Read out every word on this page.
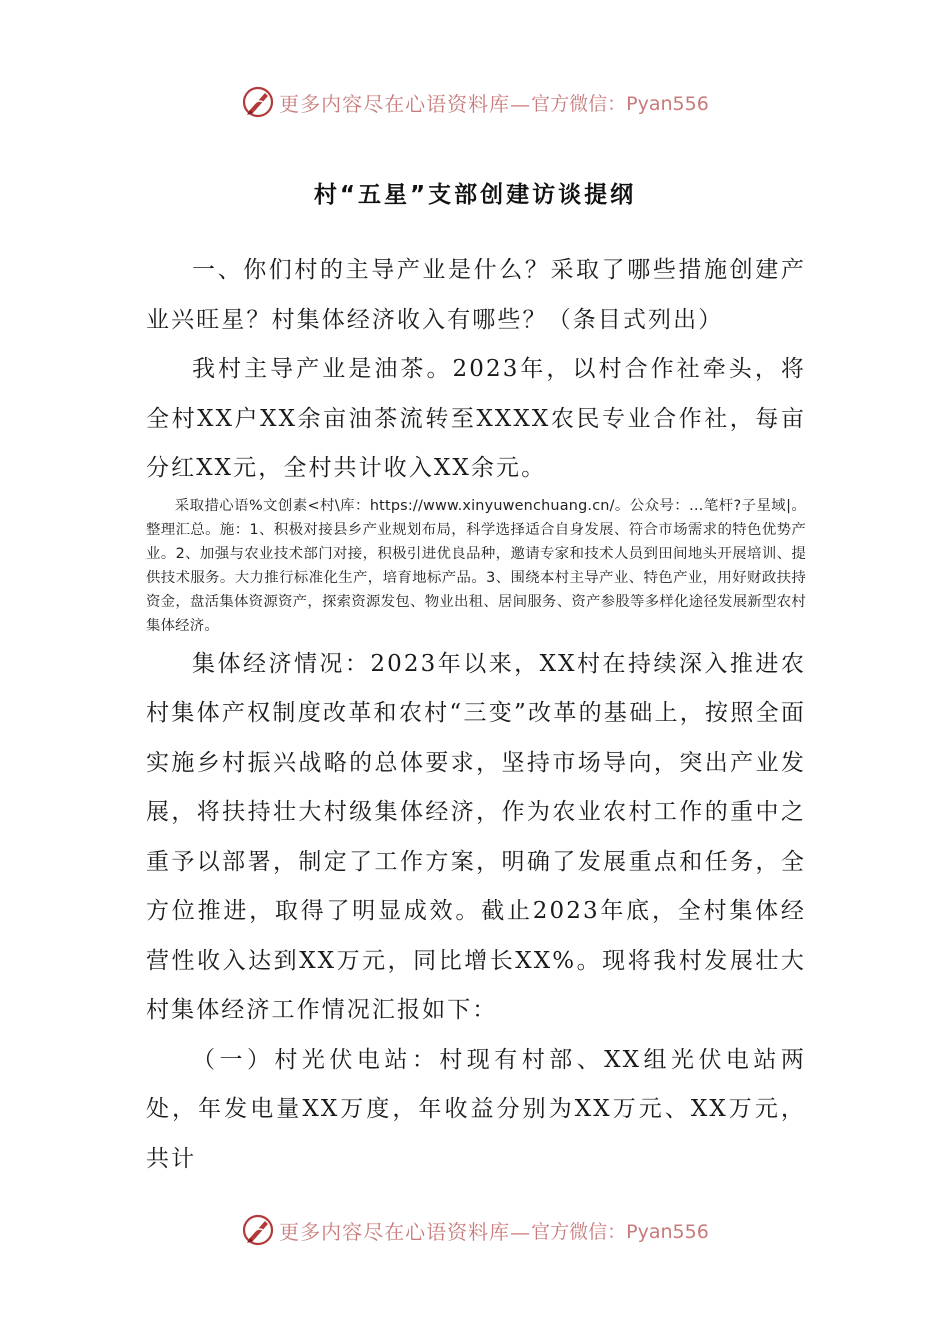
更多内容尽在心语资料库— 官方微信：Pyan556
村“五星”支部创建访谈提纲

一、你们村的主导产业是什么？采取了哪些措施创建产业兴旺星？村集体经济收入有哪些？（条目式列出）

我村主导产业是油茶。2023年，以村合作社牵头，将全村XX户XX余亩油茶流转至XXXX农民专业合作社，每亩分红XX元，全村共计收入XX余元。

采取措心语%文创素<村\库：https://www.xinyuwenchuang.cn/。公众号：…笔杆?子星域|。整理汇总。施：1、积极对接县乡产业规划布局，科学选择适合自身发展、符合市场需求的特色优势产业。2、加强与农业技术部门对接，积极引进优良品种，邀请专家和技术人员到田间地头开展培训、提供技术服务。大力推行标准化生产，培育地标产品。3、围绕本村主导产业、特色产业，用好财政扶持资金，盘活集体资源资产，探索资源发包、物业出租、居间服务、资产参股等多样化途径发展新型农村集体经济。

集体经济情况：2023年以来，XX村在持续深入推进农村集体产权制度改革和农村“三变”改革的基础上，按照全面实施乡村振兴战略的总体要求，坚持市场导向，突出产业发展，将扶持壮大村级集体经济，作为农业农村工作的重中之重予以部署，制定了工作方案，明确了发展重点和任务，全方位推进，取得了明显成效。截止2023年底，全村集体经营性收入达到XX万元，同比增长XX%。现将我村发展壮大村集体经济工作情况汇报如下：

（一）村光伏电站：村现有村部、XX组光伏电站两处，年发电量XX万度，年收益分别为XX万元、XX万元，共计

更多内容尽在心语资料库— 官方微信：Pyan556
